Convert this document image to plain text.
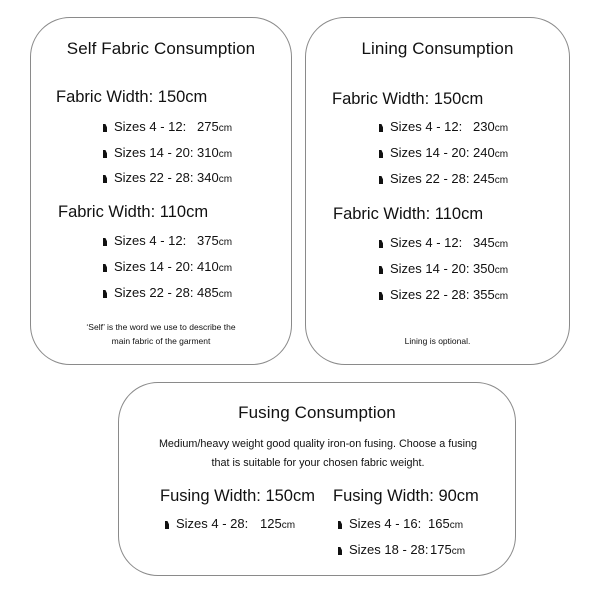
Self Fabric Consumption
Fabric Width: 150cm
Sizes 4 - 12: 275cm
Sizes 14 - 20: 310cm
Sizes 22 - 28: 340cm
Fabric Width: 110cm
Sizes 4 - 12: 375cm
Sizes 14 - 20: 410cm
Sizes 22 - 28: 485cm
‘Self’ is the word we use to describe the
main fabric of the garment
Lining Consumption
Fabric Width: 150cm
Sizes 4 - 12: 230cm
Sizes 14 - 20: 240cm
Sizes 22 - 28: 245cm
Fabric Width: 110cm
Sizes 4 - 12: 345cm
Sizes 14 - 20: 350cm
Sizes 22 - 28: 355cm
Lining is optional.
Fusing Consumption
Medium/heavy weight good quality iron-on fusing. Choose a fusing
that is suitable for your chosen fabric weight.
Fusing Width: 150cm
Sizes 4 - 28: 125cm
Fusing Width: 90cm
Sizes 4 - 16: 165cm
Sizes 18 - 28: 175cm
